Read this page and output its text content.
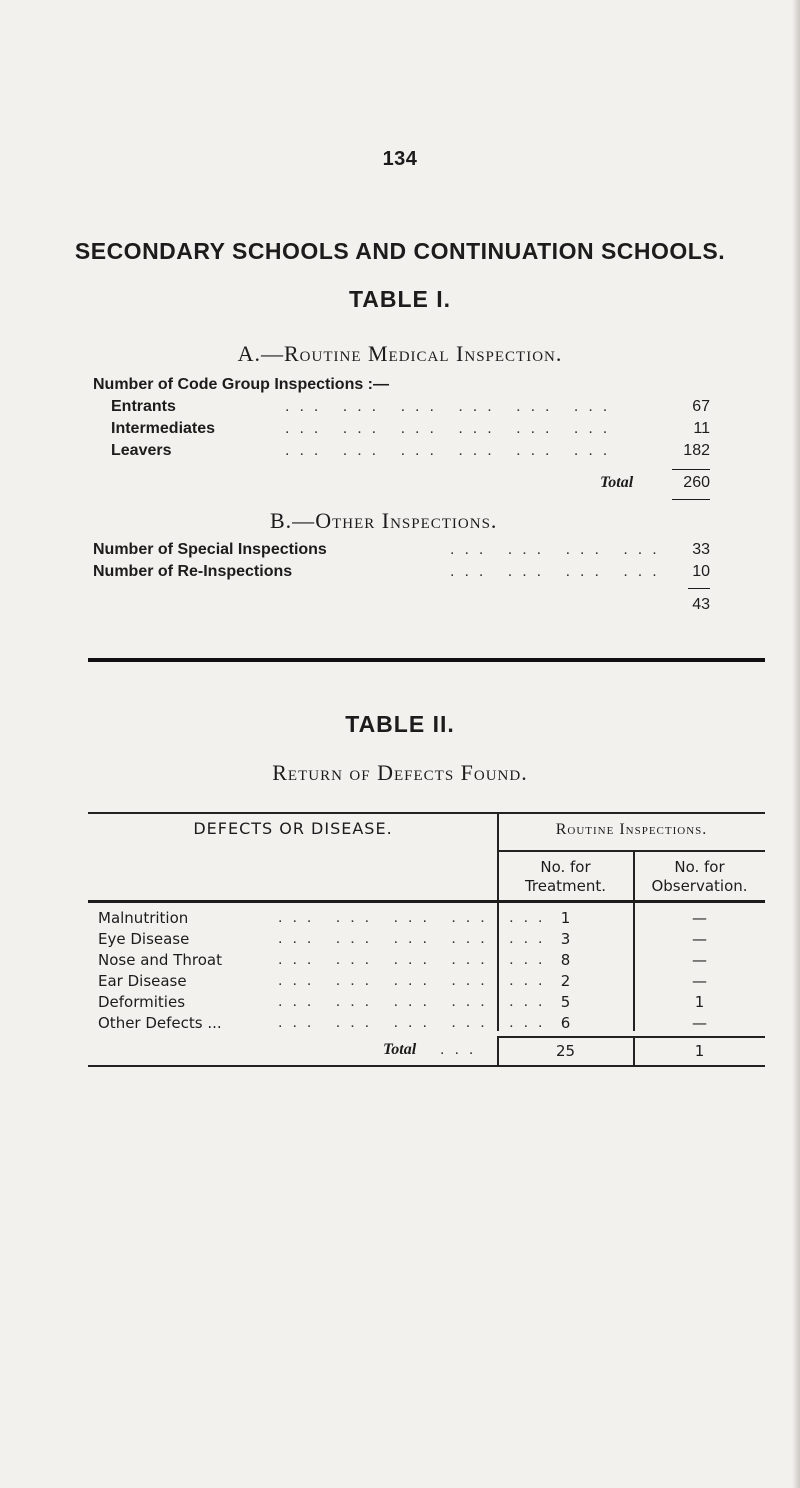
134
SECONDARY SCHOOLS AND CONTINUATION SCHOOLS.
TABLE I.
A.—Routine Medical Inspection.
Number of Code Group Inspections :—
Entrants	... ... ... ... ... ...	67
Intermediates	... ... ... ... ... ...	11
Leavers	... ... ... ... ... ...	182
Total	260
B.—Other Inspections.
Number of Special Inspections	... ... ... ...	33
Number of Re-Inspections	... ... ... ...	10
43
TABLE II.
Return of Defects Found.
DEFECTS OR DISEASE.	Routine Inspections.
No. for
Treatment.
No. for
Observation.
Malnutrition	... ... ... ... ... 1	—
Eye Disease	... ... ... ... ... 3	—
Nose and Throat	... ... ... ... ... 8	—
Ear Disease	... ... ... ... ... 2	—
Deformities	... ... ... ... ... 5	1
Other Defects ...	... ... ... ... ... 6	—
Total ...	25	1
